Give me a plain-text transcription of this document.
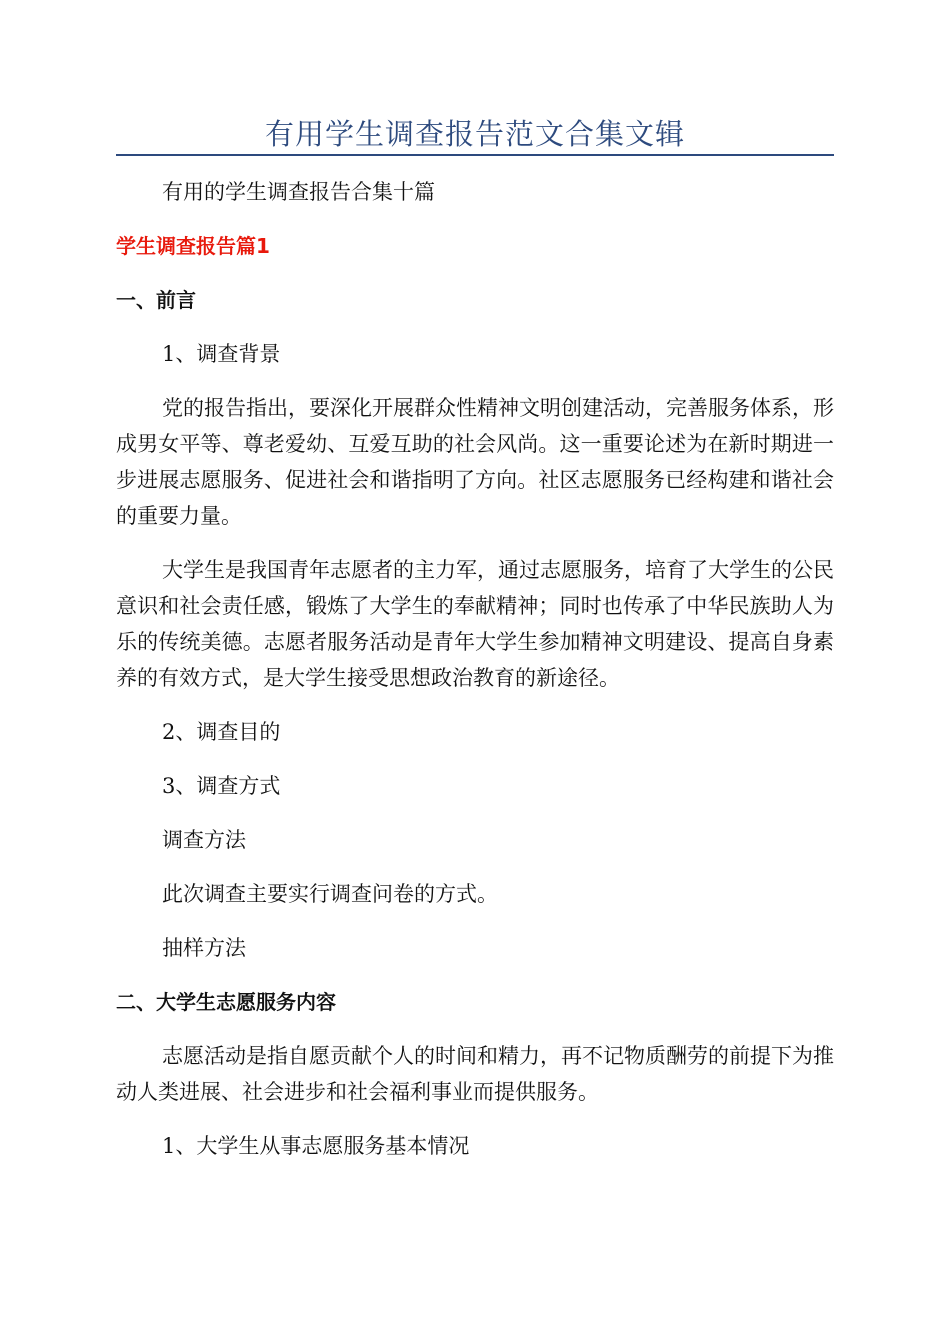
有用学生调查报告范文合集文辑

有用的学生调查报告合集十篇

学生调查报告篇1

一、前言

1、调查背景

党的报告指出，要深化开展群众性精神文明创建活动，完善服务体系，形成男女平等、尊老爱幼、互爱互助的社会风尚。这一重要论述为在新时期进一步进展志愿服务、促进社会和谐指明了方向。社区志愿服务已经构建和谐社会的重要力量。

大学生是我国青年志愿者的主力军，通过志愿服务，培育了大学生的公民意识和社会责任感，锻炼了大学生的奉献精神；同时也传承了中华民族助人为乐的传统美德。志愿者服务活动是青年大学生参加精神文明建设、提高自身素养的有效方式，是大学生接受思想政治教育的新途径。

2、调查目的

3、调查方式

调查方法

此次调查主要实行调查问卷的方式。

抽样方法

二、大学生志愿服务内容

志愿活动是指自愿贡献个人的时间和精力，再不记物质酬劳的前提下为推动人类进展、社会进步和社会福利事业而提供服务。

1、大学生从事志愿服务基本情况
